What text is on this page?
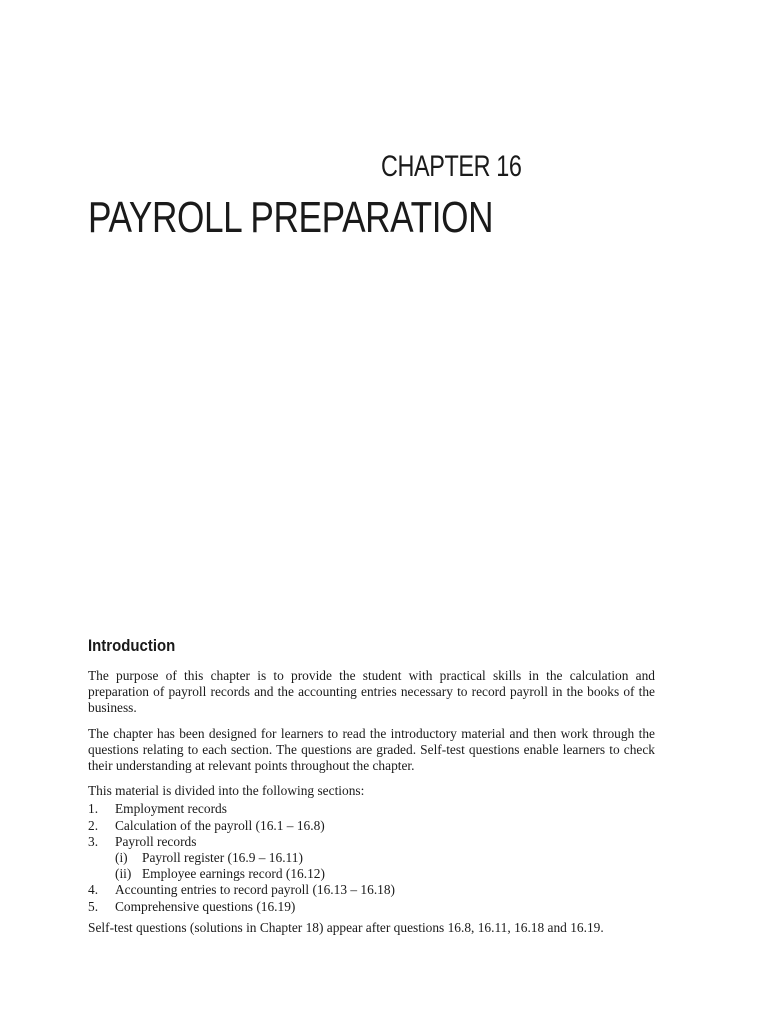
CHAPTER 16
PAYROLL PREPARATION
Introduction

The purpose of this chapter is to provide the student with practical skills in the calculation and preparation of payroll records and the accounting entries necessary to record payroll in the books of the business.

The chapter has been designed for learners to read the introductory material and then work through the questions relating to each section. The questions are graded. Self-test questions enable learners to check their understanding at relevant points throughout the chapter.

This material is divided into the following sections:

1. Employment records
2. Calculation of the payroll (16.1 – 16.8)
3. Payroll records
(i) Payroll register (16.9 – 16.11)
(ii) Employee earnings record (16.12)
4. Accounting entries to record payroll (16.13 – 16.18)
5. Comprehensive questions (16.19)

Self-test questions (solutions in Chapter 18) appear after questions 16.8, 16.11, 16.18 and 16.19.
